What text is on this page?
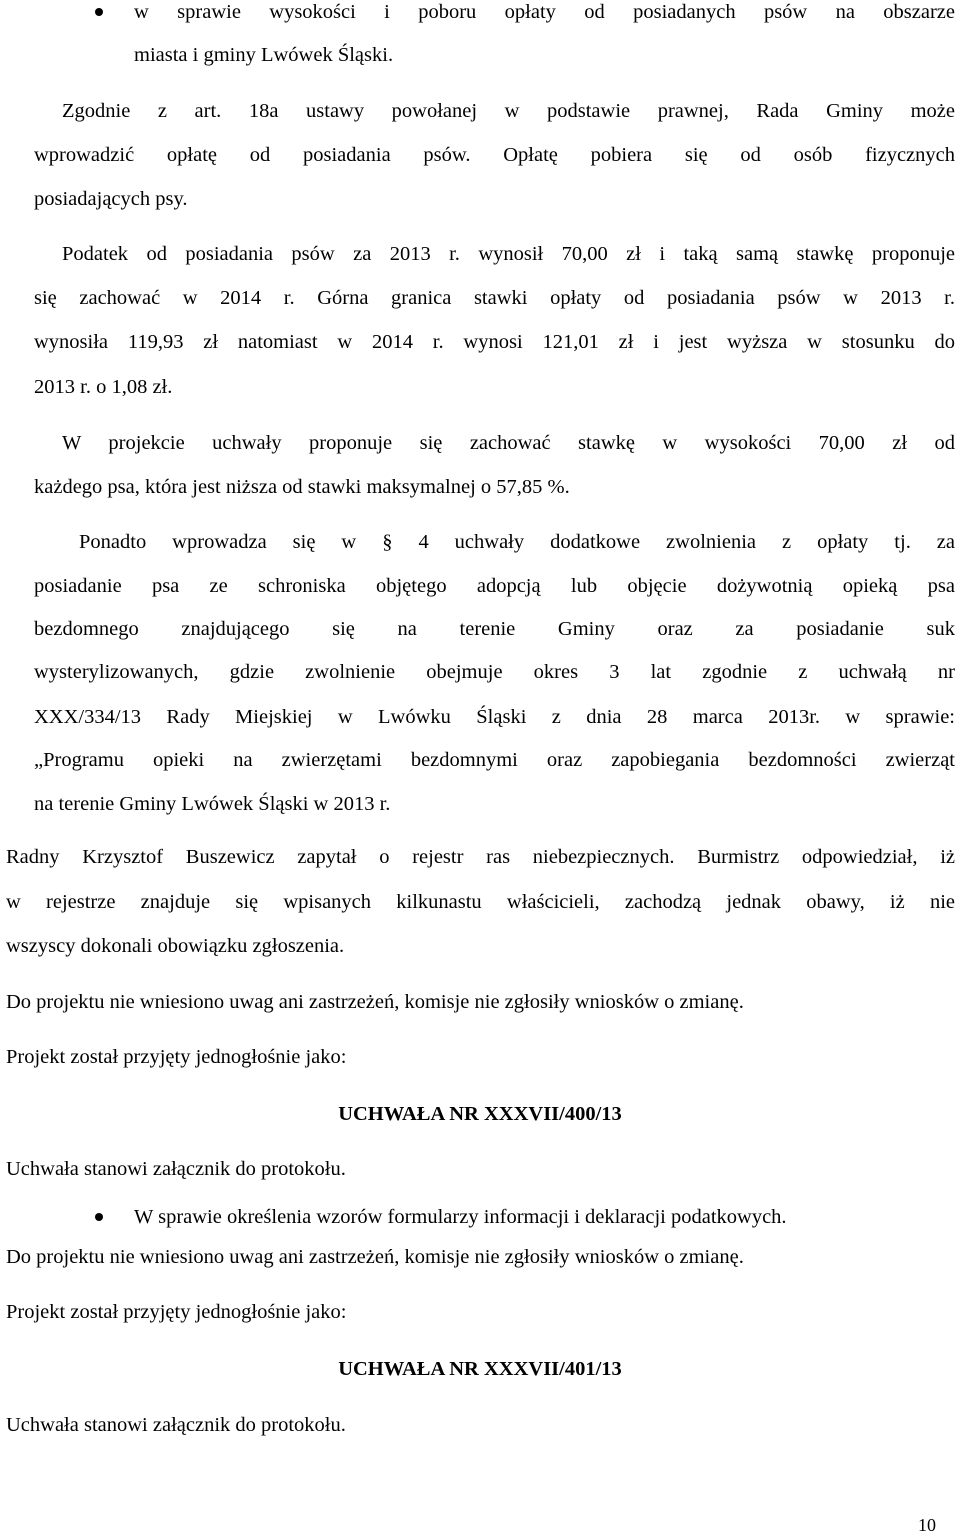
w sprawie wysokości i poboru opłaty od posiadanych psów na obszarze
miasta i gminy Lwówek Śląski.
Zgodnie z art. 18a ustawy powołanej w podstawie prawnej, Rada Gminy może
wprowadzić opłatę od posiadania psów. Opłatę pobiera się od osób fizycznych
posiadających psy.
Podatek od posiadania psów za 2013 r. wynosił 70,00 zł i taką samą stawkę proponuje
się zachować w 2014 r. Górna granica stawki opłaty od posiadania psów w 2013 r.
wynosiła 119,93 zł natomiast w 2014 r. wynosi 121,01 zł i jest wyższa w stosunku do
2013 r. o 1,08 zł.
W projekcie uchwały proponuje się zachować stawkę w wysokości 70,00 zł od
każdego psa, która jest niższa od stawki maksymalnej o 57,85 %.
Ponadto wprowadza się w § 4 uchwały dodatkowe zwolnienia z opłaty tj. za
posiadanie psa ze schroniska objętego adopcją lub objęcie dożywotnią opieką psa
bezdomnego znajdującego się na terenie Gminy oraz za posiadanie suk
wysterylizowanych, gdzie zwolnienie obejmuje okres 3 lat zgodnie z uchwałą nr
XXX/334/13 Rady Miejskiej w Lwówku Śląski z dnia 28 marca 2013r. w sprawie:
„Programu opieki na zwierzętami bezdomnymi oraz zapobiegania bezdomności zwierząt
na terenie Gminy Lwówek Śląski w 2013 r.
Radny Krzysztof Buszewicz zapytał o rejestr ras niebezpiecznych. Burmistrz odpowiedział, iż
w rejestrze znajduje się wpisanych kilkunastu właścicieli, zachodzą jednak obawy, iż nie
wszyscy dokonali obowiązku zgłoszenia.
Do projektu nie wniesiono uwag ani zastrzeżeń, komisje nie zgłosiły wniosków o zmianę.
Projekt został przyjęty jednogłośnie jako:
UCHWAŁA NR XXXVII/400/13
Uchwała stanowi załącznik do protokołu.
W sprawie określenia wzorów formularzy informacji i deklaracji podatkowych.
Do projektu nie wniesiono uwag ani zastrzeżeń, komisje nie zgłosiły wniosków o zmianę.
Projekt został przyjęty jednogłośnie jako:
UCHWAŁA NR XXXVII/401/13
Uchwała stanowi załącznik do protokołu.
10
